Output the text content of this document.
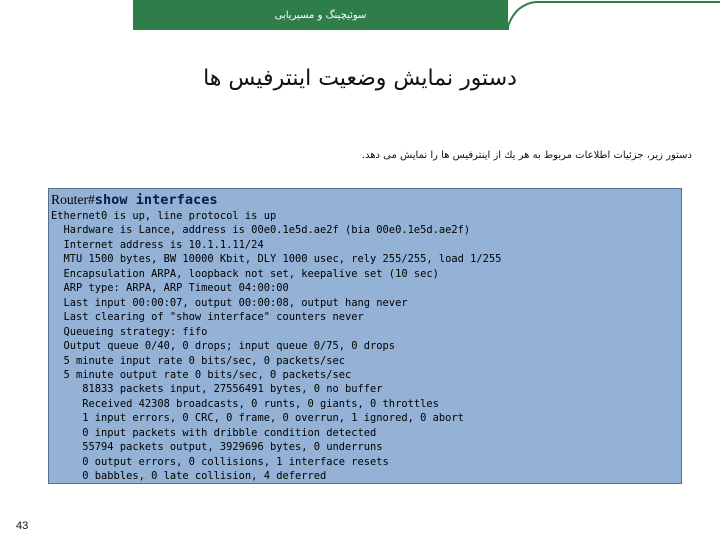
سوئیچینگ و مسیریابی
دستور نمایش وضعیت اینترفیس ها
دستور زیر، جزئیات اطلاعات مربوط به هر یك از اینترفیس ها را نمایش می دهد.
Router#show interfaces
Ethernet0 is up, line protocol is up
Hardware is Lance, address is 00e0.1e5d.ae2f (bia 00e0.1e5d.ae2f)
Internet address is 10.1.1.11/24
MTU 1500 bytes, BW 10000 Kbit, DLY 1000 usec, rely 255/255, load 1/255
Encapsulation ARPA, loopback not set, keepalive set (10 sec)
ARP type: ARPA, ARP Timeout 04:00:00
Last input 00:00:07, output 00:00:08, output hang never
Last clearing of "show interface" counters never
Queueing strategy: fifo
Output queue 0/40, 0 drops; input queue 0/75, 0 drops
5 minute input rate 0 bits/sec, 0 packets/sec
5 minute output rate 0 bits/sec, 0 packets/sec
81833 packets input, 27556491 bytes, 0 no buffer
Received 42308 broadcasts, 0 runts, 0 giants, 0 throttles
1 input errors, 0 CRC, 0 frame, 0 overrun, 1 ignored, 0 abort
0 input packets with dribble condition detected
55794 packets output, 3929696 bytes, 0 underruns
0 output errors, 0 collisions, 1 interface resets
0 babbles, 0 late collision, 4 deferred
43
